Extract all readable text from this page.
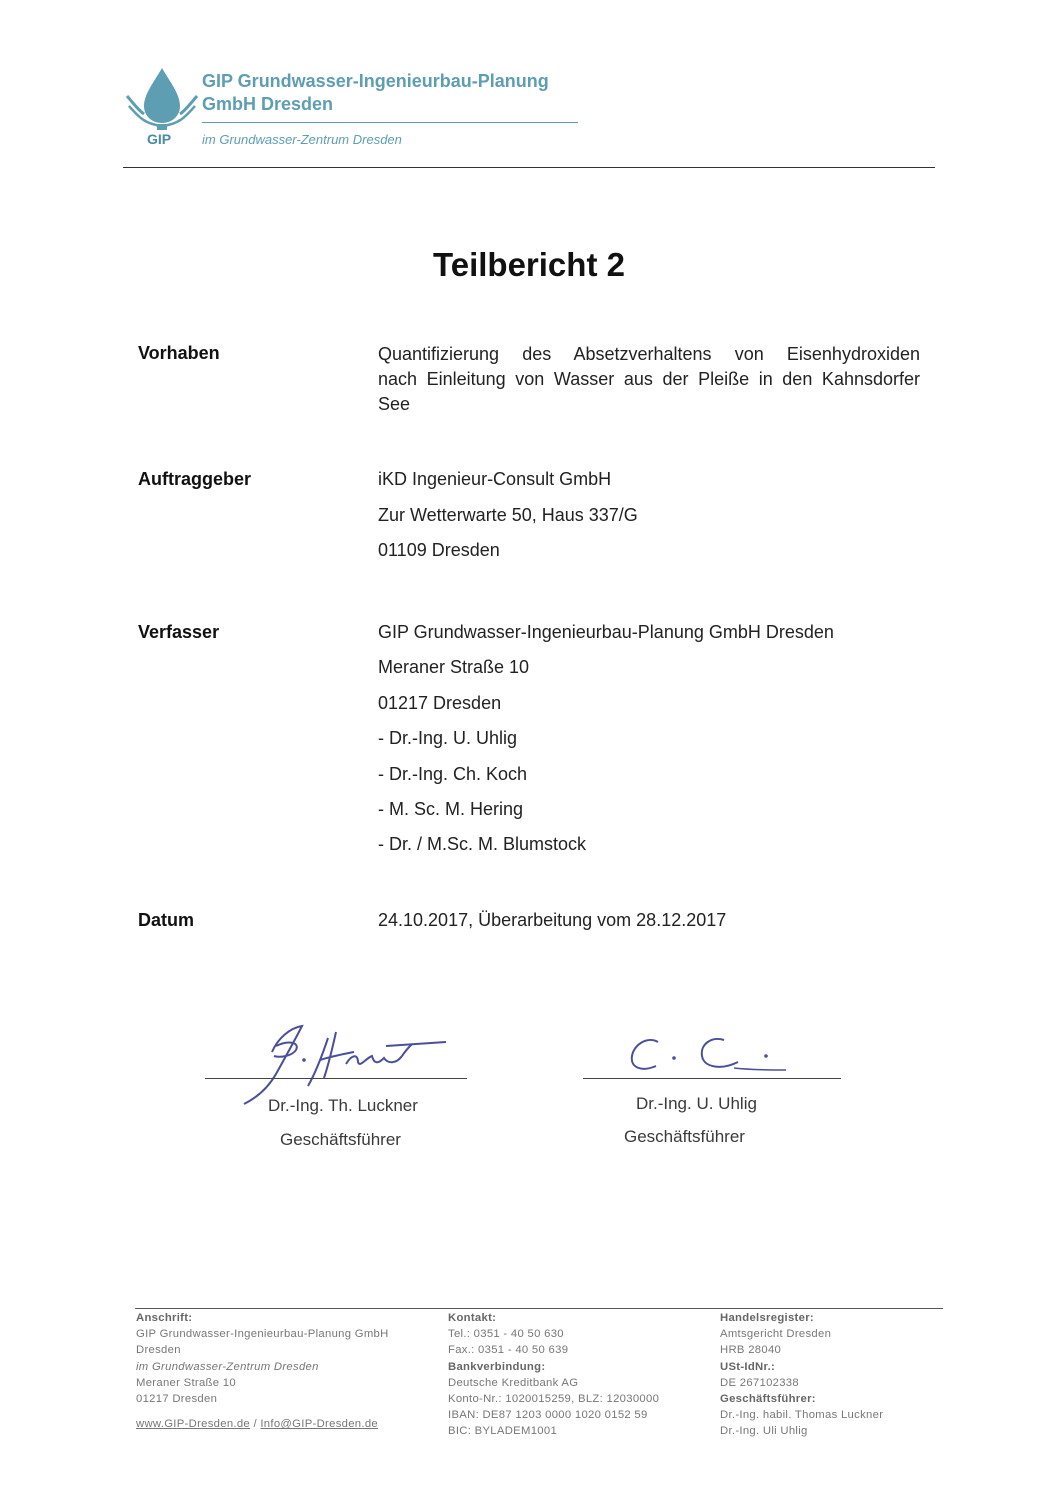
GIP
GIP Grundwasser-Ingenieurbau-Planung
GmbH Dresden
im Grundwasser-Zentrum Dresden
Teilbericht 2
Vorhaben	Quantifizierung des Absetzverhaltens von Eisenhydroxiden
nach Einleitung von Wasser aus der Pleiße in den Kahnsdorfer
See
Auftraggeber	iKD Ingenieur-Consult GmbH
Zur Wetterwarte 50, Haus 337/G
01109 Dresden
Verfasser	GIP Grundwasser-Ingenieurbau-Planung GmbH Dresden
Meraner Straße 10
01217 Dresden
- Dr.-Ing. U. Uhlig
- Dr.-Ing. Ch. Koch
- M. Sc. M. Hering
- Dr. / M.Sc. M. Blumstock
Datum	24.10.2017, Überarbeitung vom 28.12.2017
Dr.-Ing. Th. Luckner
Geschäftsführer
Dr.-Ing. U. Uhlig
Geschäftsführer
Anschrift:
GIP Grundwasser-Ingenieurbau-Planung GmbH
Dresden
im Grundwasser-Zentrum Dresden
Meraner Straße 10
01217 Dresden
www.GIP-Dresden.de / Info@GIP-Dresden.de
Kontakt:
Tel.: 0351 - 40 50 630
Fax.: 0351 - 40 50 639
Bankverbindung:
Deutsche Kreditbank AG
Konto-Nr.: 1020015259, BLZ: 12030000
IBAN: DE87 1203 0000 1020 0152 59
BIC: BYLADEM1001
Handelsregister:
Amtsgericht Dresden
HRB 28040
USt-IdNr.:
DE 267102338
Geschäftsführer:
Dr.-Ing. habil. Thomas Luckner
Dr.-Ing. Uli Uhlig
